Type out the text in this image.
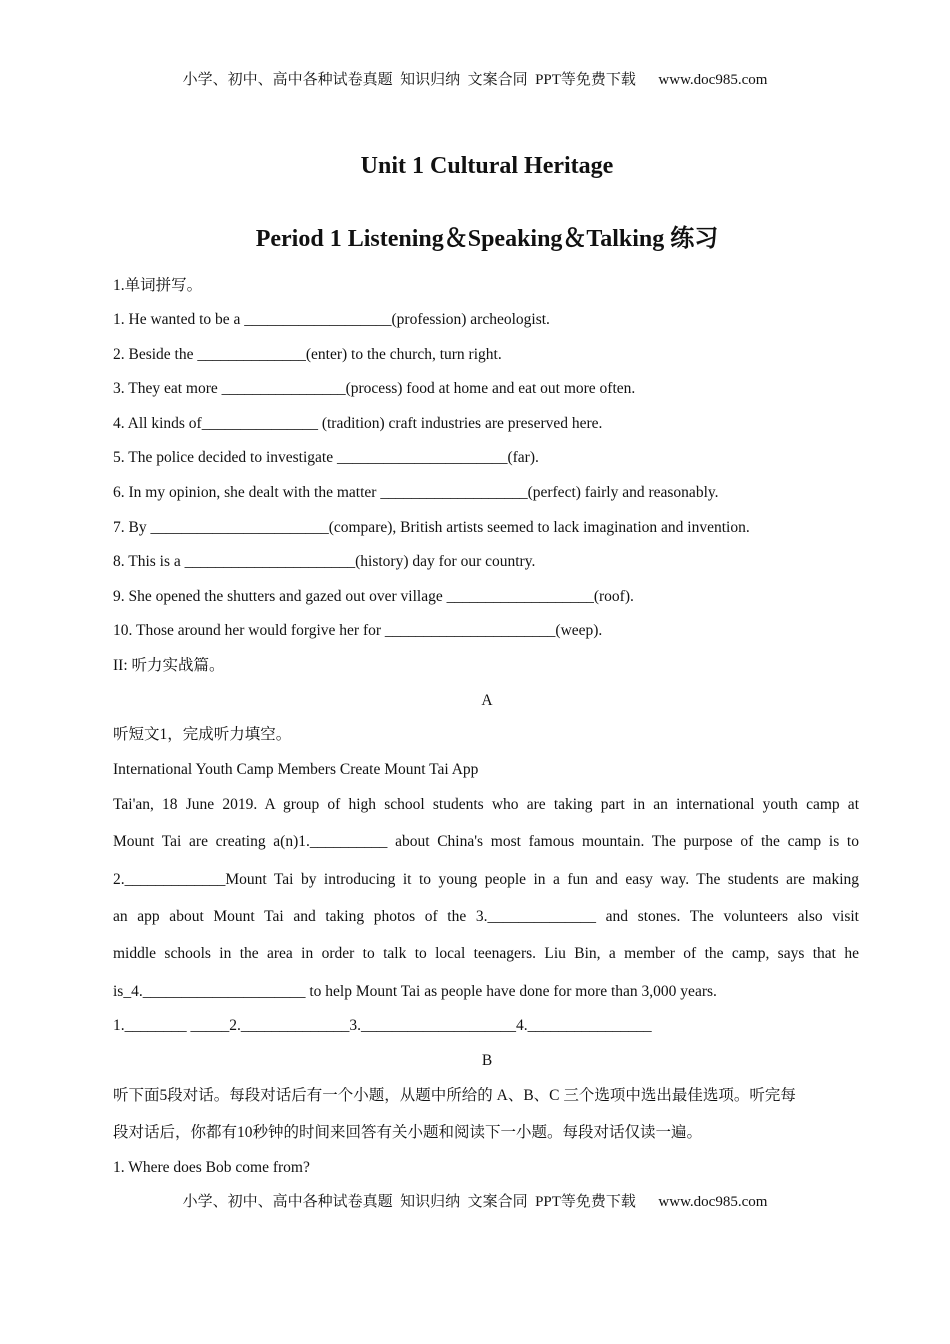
小学、初中、高中各种试卷真题  知识归纳  文案合同  PPT等免费下载      www.doc985.com
Unit 1 Cultural Heritage
Period 1 Listening＆Speaking＆Talking 练习
1.单词拼写。
1. He wanted to be a ___________________(profession) archeologist.
2. Beside the ______________(enter) to the church, turn right.
3. They eat more ________________(process) food at home and eat out more often.
4. All kinds of_______________ (tradition) craft industries are preserved here.
5. The police decided to investigate ______________________(far).
6. In my opinion, she dealt with the matter ___________________(perfect) fairly and reasonably.
7. By _______________________(compare), British artists seemed to lack imagination and invention.
8. This is a ______________________(history) day for our country.
9. She opened the shutters and gazed out over village ___________________(roof).
10. Those around her would forgive her for ______________________(weep).
II: 听力实战篇。
A
听短文1，完成听力填空。
International Youth Camp Members Create Mount Tai App
Tai'an, 18 June 2019. A group of high school students who are taking part in an international youth camp at
Mount Tai are creating a(n)1.__________ about China's most famous mountain. The purpose of the camp is to
2._____________Mount Tai by introducing it to young people in a fun and easy way. The students are making
an app about Mount Tai and taking photos of the 3.______________ and stones. The volunteers also visit
middle schools in the area in order to talk to local teenagers. Liu Bin, a member of the camp, says that he
is_4._____________________ to help Mount Tai as people have done for more than 3,000 years.
1.________ _____2.______________3.____________________4.________________
B
听下面5段对话。每段对话后有一个小题，从题中所给的 A、B、C 三个选项中选出最佳选项。听完每
段对话后，你都有10秒钟的时间来回答有关小题和阅读下一小题。每段对话仅读一遍。
1. Where does Bob come from?
小学、初中、高中各种试卷真题  知识归纳  文案合同  PPT等免费下载      www.doc985.com
